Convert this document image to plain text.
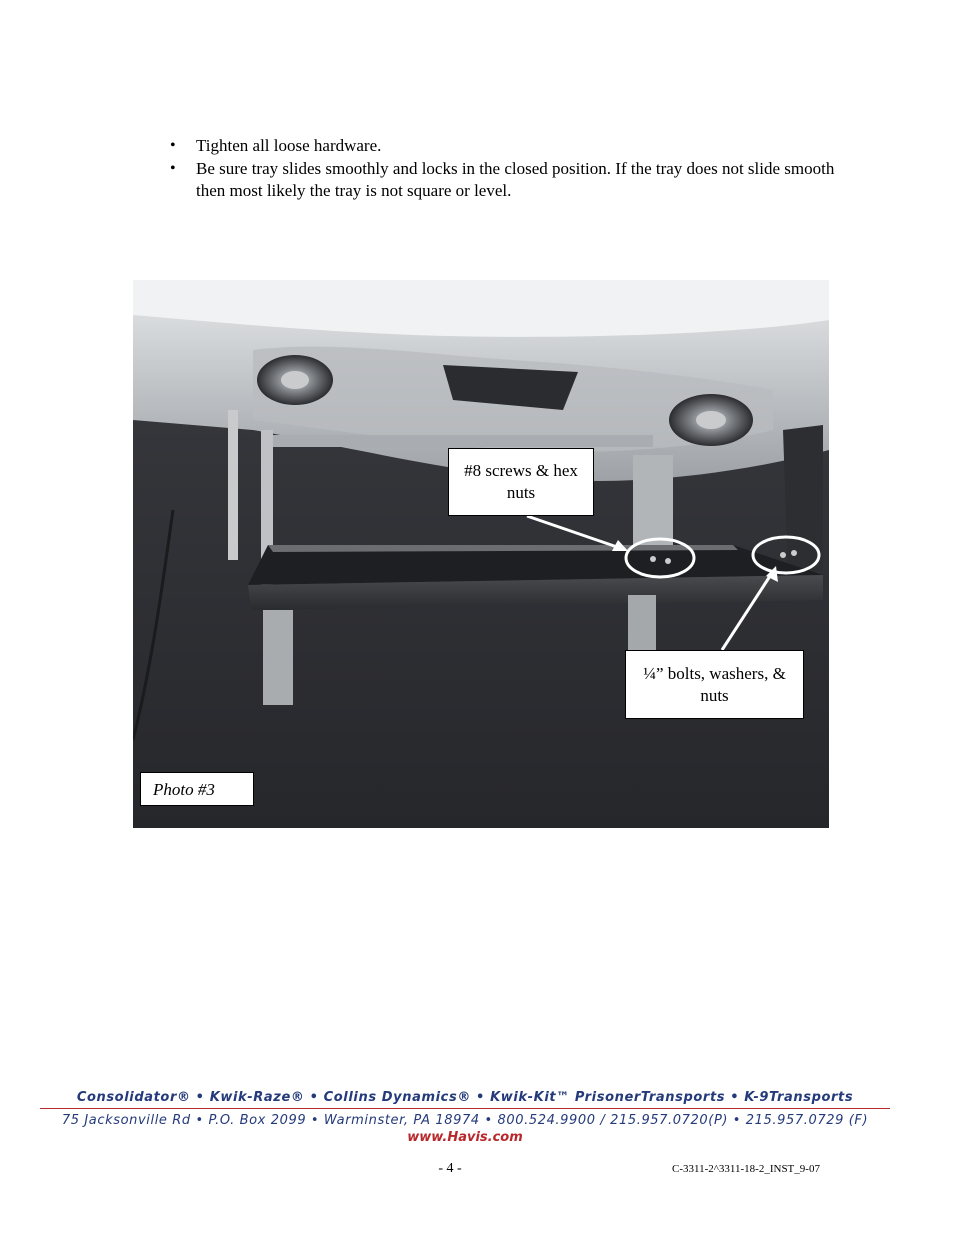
• Tighten all loose hardware.
• Be sure tray slides smoothly and locks in the closed position. If the tray does not slide smooth then most likely the tray is not square or level.
#8 screws & hex nuts
¼” bolts, washers, & nuts
Photo #3
Consolidator® • Kwik-Raze® • Collins Dynamics® • Kwik-Kit™ PrisonerTransports • K-9Transports
75 Jacksonville Rd • P.O. Box 2099 • Warminster, PA 18974 • 800.524.9900 / 215.957.0720(P) • 215.957.0729 (F)
www.Havis.com
- 4 -	C-3311-2^3311-18-2_INST_9-07
